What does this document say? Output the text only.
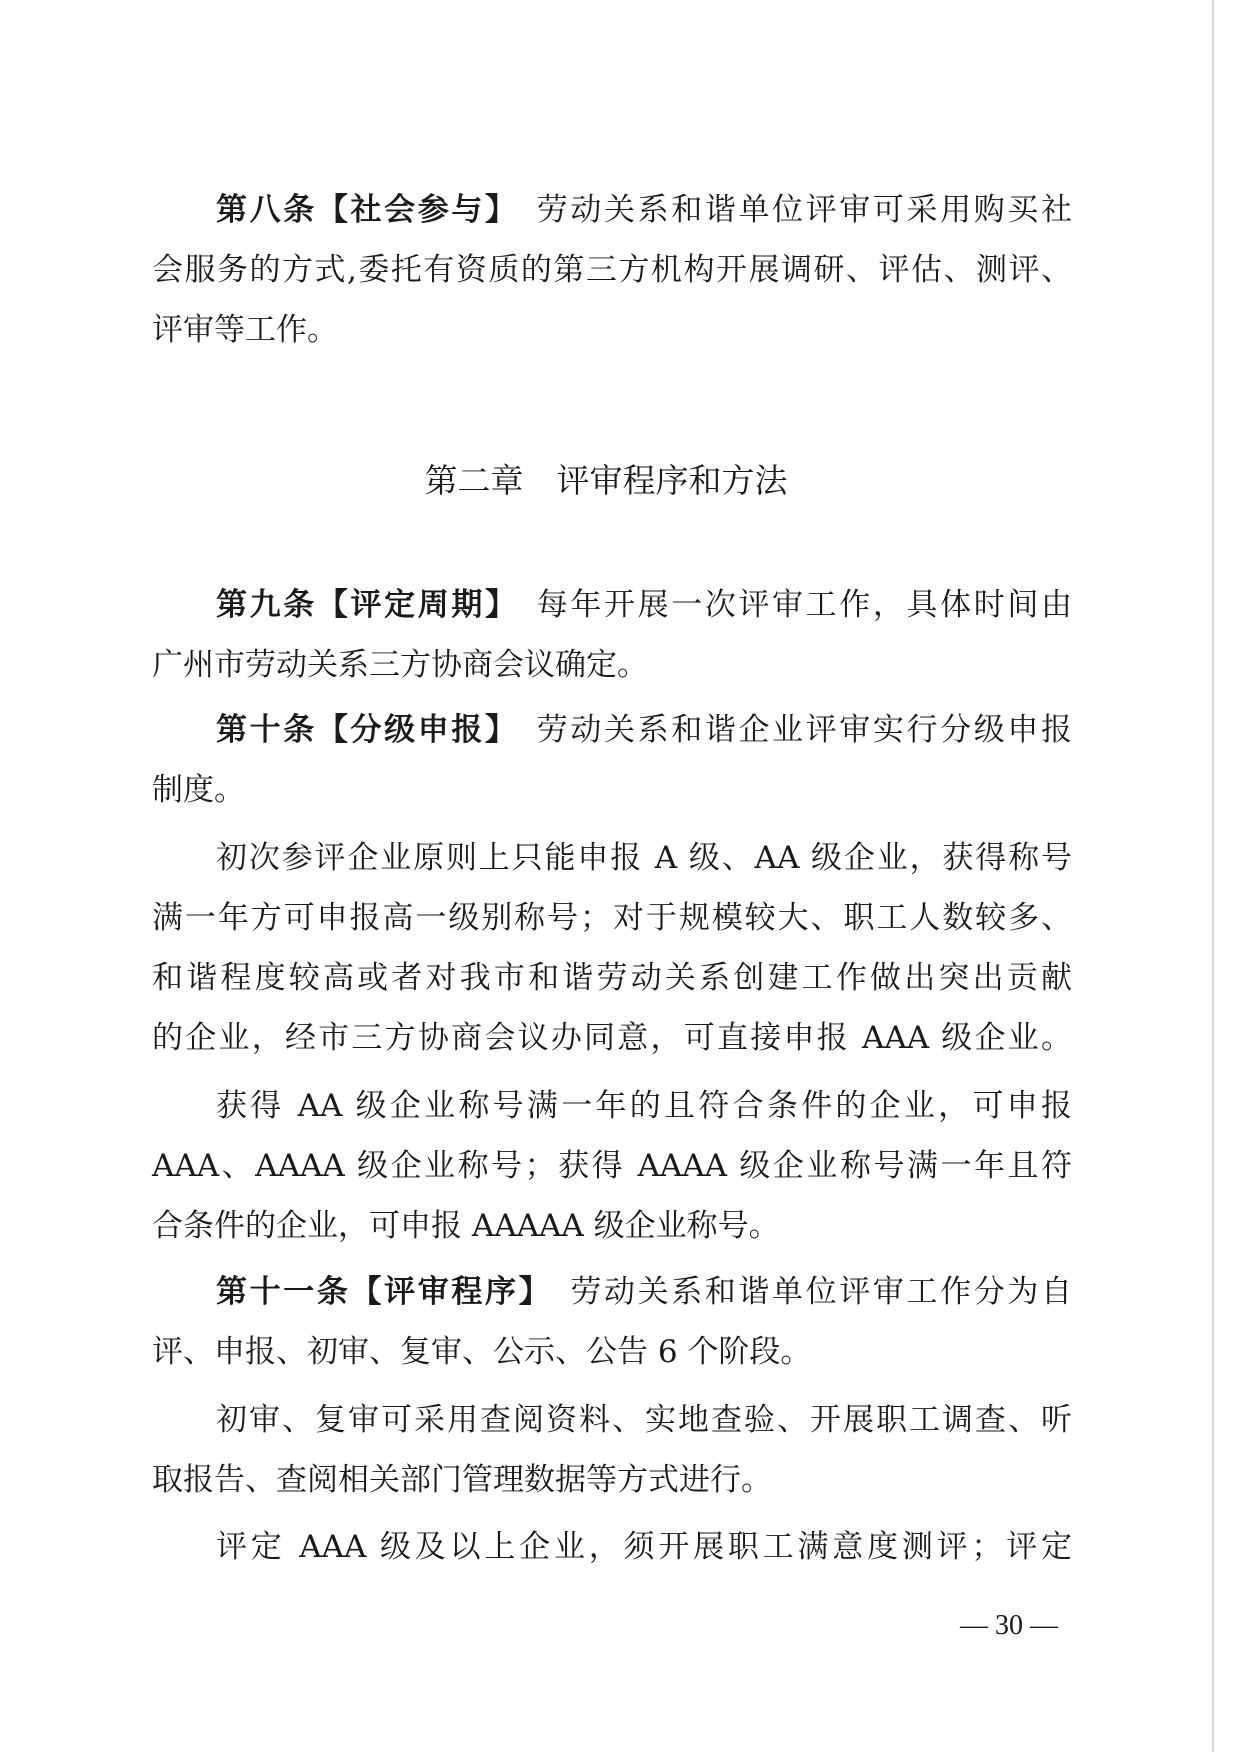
第八条【社会参与】　 劳动关系和谐单位评审可采用购买社
会服务的方式,委托有资质的第三方机构开展调研、评估、测评、
评审等工作。
第二章　评审程序和方法
第九条【评定周期】　 每年开展一次评审工作，具体时间由
广州市劳动关系三方协商会议确定。
第十条【分级申报】　 劳动关系和谐企业评审实行分级申报
制度。
初次参评企业原则上只能申报 A 级、AA 级企业，获得称号
满一年方可申报高一级别称号；对于规模较大、职工人数较多、
和谐程度较高或者对我市和谐劳动关系创建工作做出突出贡献
的企业，经市三方协商会议办同意，可直接申报 AAA 级企业。
获得 AA 级企业称号满一年的且符合条件的企业，可申报
AAA、AAAA 级企业称号；获得 AAAA 级企业称号满一年且符
合条件的企业，可申报 AAAAA 级企业称号。
第十一条【评审程序】　 劳动关系和谐单位评审工作分为自
评、申报、初审、复审、公示、公告 6 个阶段。
初审、复审可采用查阅资料、实地查验、开展职工调查、听
取报告、查阅相关部门管理数据等方式进行。
评定 AAA 级及以上企业，须开展职工满意度测评；评定
— 30 —
